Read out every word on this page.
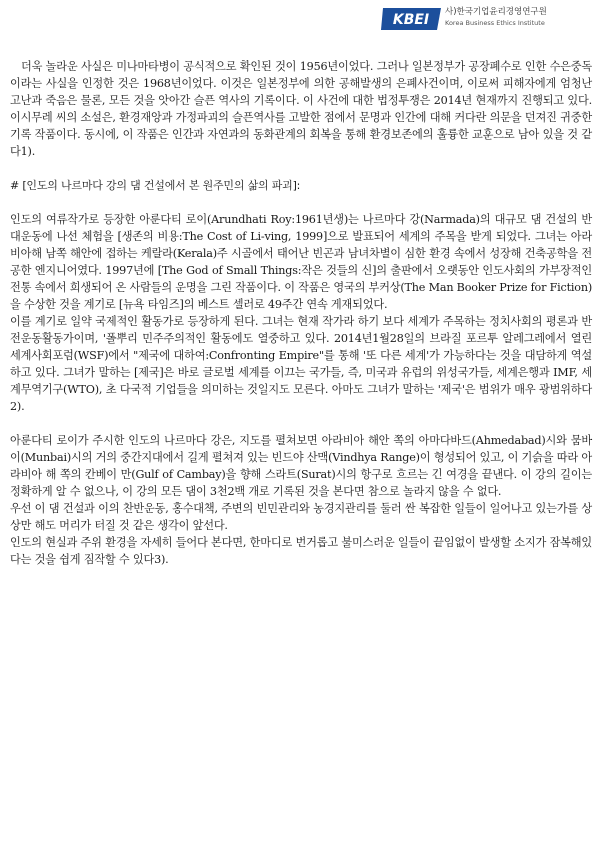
KBEI 사)한국기업윤리경영연구원
Korea Business Ethics Institute

더욱 놀라운 사실은 미나마타병이 공식적으로 확인된 것이 1956년이었다. 그러나 일본정부가 공장폐수로 인한 수은중독이라는 사실을 인정한 것은 1968년이었다. 이것은 일본정부에 의한 공해발생의 은폐사건이며, 이로써 피해자에게 엄청난 고난과 죽음은 물론, 모든 것을 앗아간 슬픈 역사의 기록이다. 이 사건에 대한 법정투쟁은 2014년 현재까지 진행되고 있다. 이시무레 씨의 소설은, 환경재앙과 가정파괴의 슬픈역사를 고발한 점에서 문명과 인간에 대해 커다란 의문을 던져진 귀중한 기록 작품이다. 동시에, 이 작품은 인간과 자연과의 동화관계의 회복을 통해 환경보존에의 훌륭한 교훈으로 남아 있을 것 같다1).

# [인도의 나르마다 강의 댐 건설에서 본 원주민의 삶의 파괴]:

인도의 여류작가로 등장한 아룬다티 로이(Arundhati Roy:1961년생)는 나르마다 강(Narmada)의 대규모 댐 건설의 반대운동에 나선 체험을 [생존의 비용:The Cost of Li-ving, 1999]으로 발표되어 세계의 주목을 받게 되었다. 그녀는 아라비아해 남쪽 해안에 접하는 케랄라(Kerala)주 시골에서 태어난 빈곤과 남녀차별이 심한 환경 속에서 성장해 건축공학을 전공한 엔지니어였다. 1997년에 [The God of Small Things:작은 것들의 신]의 출판에서 오랫동안 인도사회의 가부장적인 전통 속에서 희생되어 온 사람들의 운명을 그린 작품이다. 이 작품은 영국의 부커상(The Man Booker Prize for Fiction)을 수상한 것을 계기로 [뉴욕 타임즈]의 베스트 셀러로 49주간 연속 게재되었다.

이를 계기로 일약 국제적인 활동가로 등장하게 된다. 그녀는 현재 작가라 하기 보다 세계가 주목하는 정치사회의 평론과 반전운동활동가이며, '폴뿌리 민주주의적인 활동에도 열중하고 있다. 2014년1월28일의 브라질 포르투 알레그레에서 열린 세계사회포럼(WSF)에서 "제국에 대하여:Confronting Empire"를 통해 '또 다른 세계'가 가능하다는 것을 대담하게 역설하고 있다. 그녀가 말하는 [제국]은 바로 글로벌 세계를 이끄는 국가들, 즉, 미국과 유럽의 위성국가들, 세계은행과 IMF, 세계무역기구(WTO), 초 다국적 기업들을 의미하는 것일지도 모른다. 아마도 그녀가 말하는 '제국'은 범위가 매우 광범위하다2).

아룬다티 로이가 주시한 인도의 나르마다 강은, 지도를 펼쳐보면 아라비아 해안 쪽의 아마다바드(Ahmedabad)시와 뭄바이(Munbai)시의 거의 중간지대에서 길게 펼쳐져 있는 빈드야 산맥(Vindhya Range)이 형성되어 있고, 이 기슭을 따라 아라비아 해 쪽의 칸베이 만(Gulf of Cambay)을 향해 스라트(Surat)시의 항구로 흐르는 긴 여경을 끝낸다. 이 강의 길이는 정확하게 알 수 없으나, 이 강의 모든 댐이 3천2백 개로 기록된 것을 본다면 참으로 놀라지 않을 수 없다.

우선 이 댐 건설과 이의 찬반운동, 홍수대책, 주변의 빈민관리와 농경지관리를 둘러 싼 복잡한 일들이 일어나고 있는가를 상상만 해도 머리가 터질 것 같은 생각이 앞선다.

인도의 현실과 주위 환경을 자세히 들어다 본다면, 한마디로 번거롭고 불미스러운 일들이 끝임없이 발생할 소지가 잠복해있다는 것을 쉽게 짐작할 수 있다3).
